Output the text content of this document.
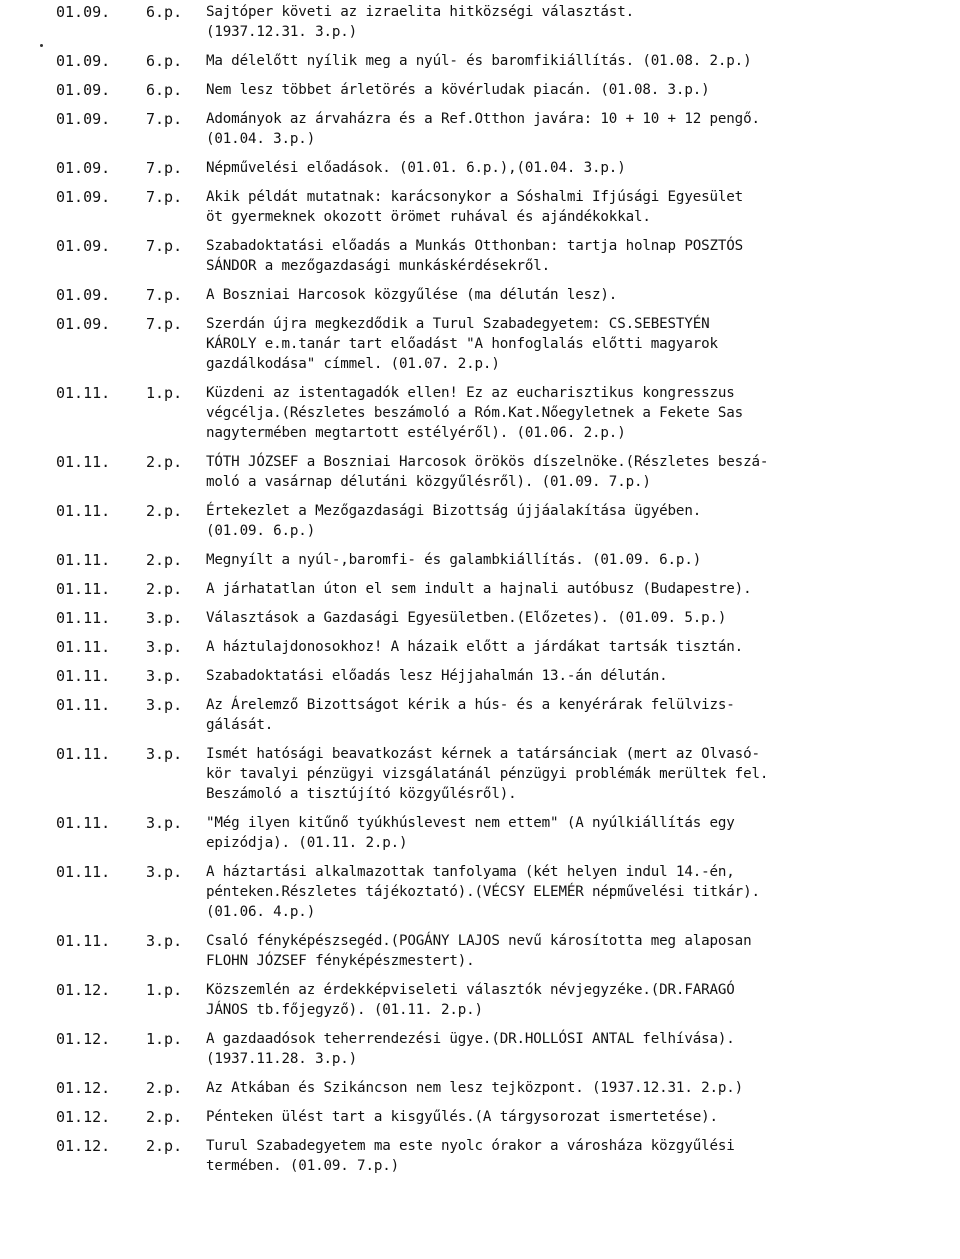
01.09.	6.p.	Sajtóper követi az izraelita hitközségi választást.
(1937.12.31. 3.p.)
01.09.	6.p.	Ma délelőtt nyílik meg a nyúl- és baromfikiállítás. (01.08. 2.p.)
01.09.	6.p.	Nem lesz többet árletörés a kövérludak piacán. (01.08. 3.p.)
01.09.	7.p.	Adományok az árvaházra és a Ref.Otthon javára: 10 + 10 + 12 pengő.
(01.04. 3.p.)
01.09.	7.p.	Népművelési előadások. (01.01. 6.p.),(01.04. 3.p.)
01.09.	7.p.	Akik példát mutatnak: karácsonykor a Sóshalmi Ifjúsági Egyesület
öt gyermeknek okozott örömet ruhával és ajándékokkal.
01.09.	7.p.	Szabadoktatási előadás a Munkás Otthonban: tartja holnap POSZTÓS
SÁNDOR a mezőgazdasági munkáskérdésekről.
01.09.	7.p.	A Boszniai Harcosok közgyűlése (ma délután lesz).
01.09.	7.p.	Szerdán újra megkezdődik a Turul Szabadegyetem: CS.SEBESTYÉN
KÁROLY e.m.tanár tart előadást "A honfoglalás előtti magyarok
gazdálkodása" címmel. (01.07. 2.p.)
01.11.	1.p.	Küzdeni az istentagadók ellen! Ez az eucharisztikus kongresszus
végcélja.(Részletes beszámoló a Róm.Kat.Nőegyletnek a Fekete Sas
nagytermében megtartott estélyéről). (01.06. 2.p.)
01.11.	2.p.	TÓTH JÓZSEF a Boszniai Harcosok örökös díszelnöke.(Részletes beszá-
moló a vasárnap délutáni közgyűlésről). (01.09. 7.p.)
01.11.	2.p.	Értekezlet a Mezőgazdasági Bizottság újjáalakítása ügyében.
(01.09. 6.p.)
01.11.	2.p.	Megnyílt a nyúl-,baromfi- és galambkiállítás. (01.09. 6.p.)
01.11.	2.p.	A járhatatlan úton el sem indult a hajnali autóbusz (Budapestre).
01.11.	3.p.	Választások a Gazdasági Egyesületben.(Előzetes). (01.09. 5.p.)
01.11.	3.p.	A háztulajdonosokhoz! A házaik előtt a járdákat tartsák tisztán.
01.11.	3.p.	Szabadoktatási előadás lesz Héjjahalmán 13.-án délután.
01.11.	3.p.	Az Árelemző Bizottságot kérik a hús- és a kenyérárak felülvizs-
gálását.
01.11.	3.p.	Ismét hatósági beavatkozást kérnek a tatársánciak (mert az Olvasó-
kör tavalyi pénzügyi vizsgálatánál pénzügyi problémák merültek fel.
Beszámoló a tisztújító közgyűlésről).
01.11.	3.p.	"Még ilyen kitűnő tyúkhúslevest nem ettem" (A nyúlkiállítás egy
epizódja). (01.11. 2.p.)
01.11.	3.p.	A háztartási alkalmazottak tanfolyama (két helyen indul 14.-én,
pénteken.Részletes tájékoztató).(VÉCSY ELEMÉR népművelési titkár).
(01.06. 4.p.)
01.11.	3.p.	Csaló fényképészsegéd.(POGÁNY LAJOS nevű károsította meg alaposan
FLOHN JÓZSEF fényképészmestert).
01.12.	1.p.	Közszemlén az érdekképviseleti választók névjegyzéke.(DR.FARAGÓ
JÁNOS tb.főjegyző). (01.11. 2.p.)
01.12.	1.p.	A gazdaadósok teherrendezési ügye.(DR.HOLLÓSI ANTAL felhívása).
(1937.11.28. 3.p.)
01.12.	2.p.	Az Atkában és Szikáncson nem lesz tejközpont. (1937.12.31. 2.p.)
01.12.	2.p.	Pénteken ülést tart a kisgyűlés.(A tárgysorozat ismertetése).
01.12.	2.p.	Turul Szabadegyetem ma este nyolc órakor a városháza közgyűlési
termében. (01.09. 7.p.)
